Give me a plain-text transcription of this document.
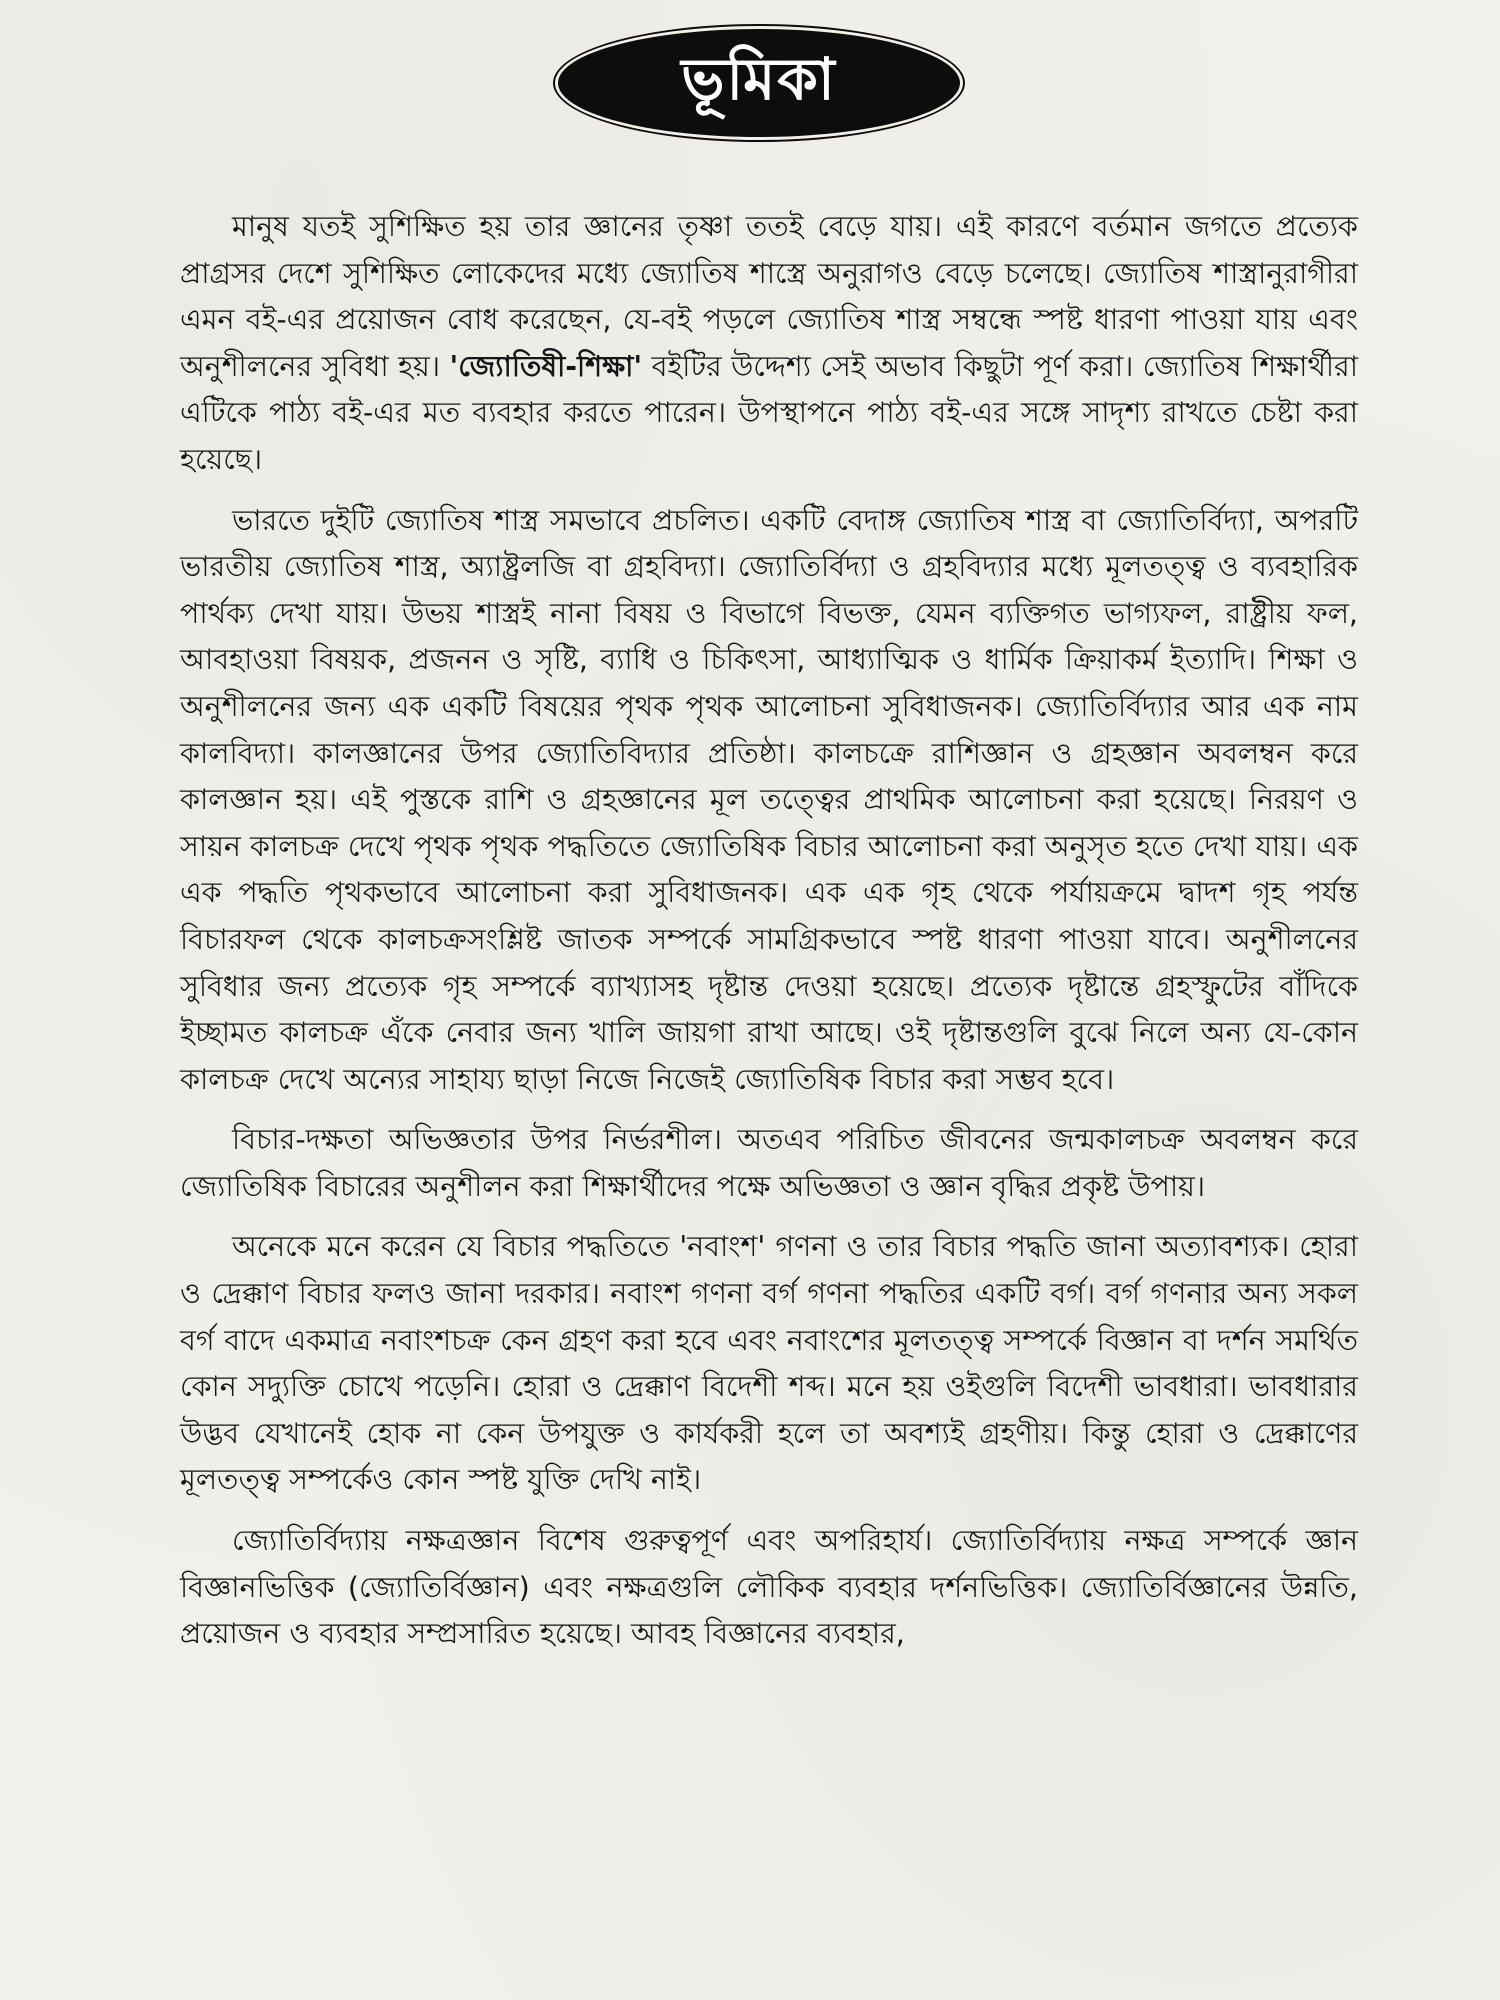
ভূমিকা

মানুষ যতই সুশিক্ষিত হয় তার জ্ঞানের তৃষ্ণা ততই বেড়ে যায়। এই কারণে বর্তমান জগতে প্রত্যেক প্রাগ্রসর দেশে সুশিক্ষিত লোকেদের মধ্যে জ্যোতিষ শাস্ত্রে অনুরাগও বেড়ে চলেছে। জ্যোতিষ শাস্ত্রানুরাগীরা এমন বই-এর প্রয়োজন বোধ করেছেন, যে-বই পড়লে জ্যোতিষ শাস্ত্র সম্বন্ধে স্পষ্ট ধারণা পাওয়া যায় এবং অনুশীলনের সুবিধা হয়। 'জ্যোতিষী-শিক্ষা' বইটির উদ্দেশ্য সেই অভাব কিছুটা পূর্ণ করা। জ্যোতিষ শিক্ষার্থীরা এটিকে পাঠ্য বই-এর মত ব্যবহার করতে পারেন। উপস্থাপনে পাঠ্য বই-এর সঙ্গে সাদৃশ্য রাখতে চেষ্টা করা হয়েছে।

ভারতে দুইটি জ্যোতিষ শাস্ত্র সমভাবে প্রচলিত। একটি বেদাঙ্গ জ্যোতিষ শাস্ত্র বা জ্যোতির্বিদ্যা, অপরটি ভারতীয় জ্যোতিষ শাস্ত্র, অ্যাষ্ট্রলজি বা গ্রহবিদ্যা। জ্যোতির্বিদ্যা ও গ্রহবিদ্যার মধ্যে মূলতত্ত্ব ও ব্যবহারিক পার্থক্য দেখা যায়। উভয় শাস্ত্রই নানা বিষয় ও বিভাগে বিভক্ত, যেমন ব্যক্তিগত ভাগ্যফল, রাষ্ট্রীয় ফল, আবহাওয়া বিষয়ক, প্রজনন ও সৃষ্টি, ব্যাধি ও চিকিৎসা, আধ্যাত্মিক ও ধার্মিক ক্রিয়াকর্ম ইত্যাদি। শিক্ষা ও অনুশীলনের জন্য এক একটি বিষয়ের পৃথক পৃথক আলোচনা সুবিধাজনক। জ্যোতির্বিদ্যার আর এক নাম কালবিদ্যা। কালজ্ঞানের উপর জ্যোতিবিদ্যার প্রতিষ্ঠা। কালচক্রে রাশিজ্ঞান ও গ্রহজ্ঞান অবলম্বন করে কালজ্ঞান হয়। এই পুস্তকে রাশি ও গ্রহজ্ঞানের মূল তত্ত্বের প্রাথমিক আলোচনা করা হয়েছে। নিরয়ণ ও সায়ন কালচক্র দেখে পৃথক পৃথক পদ্ধতিতে জ্যোতিষিক বিচার আলোচনা করা অনুসৃত হতে দেখা যায়। এক এক পদ্ধতি পৃথকভাবে আলোচনা করা সুবিধাজনক। এক এক গৃহ থেকে পর্যায়ক্রমে দ্বাদশ গৃহ পর্যন্ত বিচারফল থেকে কালচক্রসংশ্লিষ্ট জাতক সম্পর্কে সামগ্রিকভাবে স্পষ্ট ধারণা পাওয়া যাবে। অনুশীলনের সুবিধার জন্য প্রত্যেক গৃহ সম্পর্কে ব্যাখ্যাসহ দৃষ্টান্ত দেওয়া হয়েছে। প্রত্যেক দৃষ্টান্তে গ্রহস্ফুটের বাঁদিকে ইচ্ছামত কালচক্র এঁকে নেবার জন্য খালি জায়গা রাখা আছে। ওই দৃষ্টান্তগুলি বুঝে নিলে অন্য যে-কোন কালচক্র দেখে অন্যের সাহায্য ছাড়া নিজে নিজেই জ্যোতিষিক বিচার করা সম্ভব হবে।

বিচার-দক্ষতা অভিজ্ঞতার উপর নির্ভরশীল। অতএব পরিচিত জীবনের জন্মকালচক্র অবলম্বন করে জ্যোতিষিক বিচারের অনুশীলন করা শিক্ষার্থীদের পক্ষে অভিজ্ঞতা ও জ্ঞান বৃদ্ধির প্রকৃষ্ট উপায়।

অনেকে মনে করেন যে বিচার পদ্ধতিতে 'নবাংশ' গণনা ও তার বিচার পদ্ধতি জানা অত্যাবশ্যক। হোরা ও দ্রেক্কাণ বিচার ফলও জানা দরকার। নবাংশ গণনা বর্গ গণনা পদ্ধতির একটি বর্গ। বর্গ গণনার অন্য সকল বর্গ বাদে একমাত্র নবাংশচক্র কেন গ্রহণ করা হবে এবং নবাংশের মূলতত্ত্ব সম্পর্কে বিজ্ঞান বা দর্শন সমর্থিত কোন সদ্যুক্তি চোখে পড়েনি। হোরা ও দ্রেক্কাণ বিদেশী শব্দ। মনে হয় ওইগুলি বিদেশী ভাবধারা। ভাবধারার উদ্ভব যেখানেই হোক না কেন উপযুক্ত ও কার্যকরী হলে তা অবশ্যই গ্রহণীয়। কিন্তু হোরা ও দ্রেক্কাণের মূলতত্ত্ব সম্পর্কেও কোন স্পষ্ট যুক্তি দেখি নাই।

জ্যোতির্বিদ্যায় নক্ষত্রজ্ঞান বিশেষ গুরুত্বপূর্ণ এবং অপরিহার্য। জ্যোতির্বিদ্যায় নক্ষত্র সম্পর্কে জ্ঞান বিজ্ঞানভিত্তিক (জ্যোতির্বিজ্ঞান) এবং নক্ষত্রগুলি লৌকিক ব্যবহার দর্শনভিত্তিক। জ্যোতির্বিজ্ঞানের উন্নতি, প্রয়োজন ও ব্যবহার সম্প্রসারিত হয়েছে। আবহ বিজ্ঞানের ব্যবহার,
